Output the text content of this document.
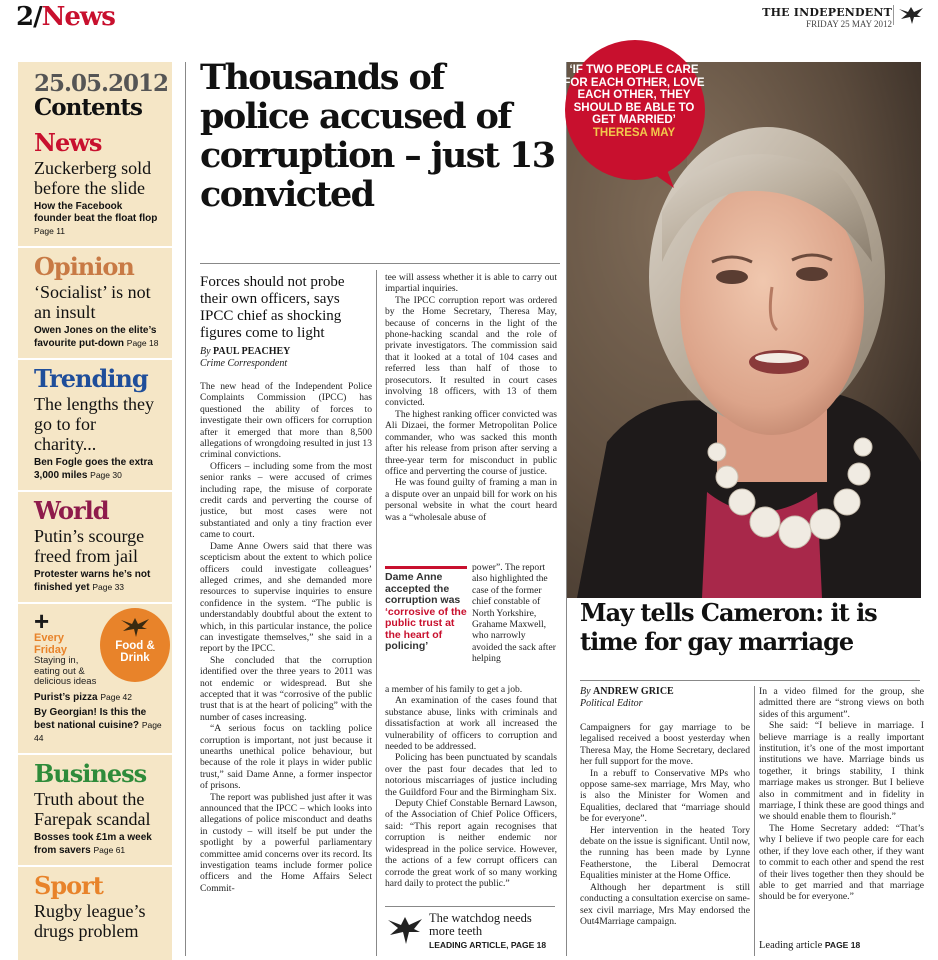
2/News	THE INDEPENDENT
FRIDAY 25 MAY 2012
25.05.2012
Contents
News
Zuckerberg sold before the slide
How the Facebook founder beat the float flop Page 11
Opinion
‘Socialist’ is not an insult
Owen Jones on the elite’s favourite put-down Page 18
Trending
The lengths they go to for charity...
Ben Fogle goes the extra 3,000 miles Page 30
World
Putin’s scourge freed from jail
Protester warns he’s not finished yet Page 33
+
Every Friday
Staying in, eating out & delicious ideas
Food & Drink
Purist’s pizza Page 42
By Georgian! Is this the best national cuisine? Page 44
Business
Truth about the Farepak scandal
Bosses took £1m a week from savers Page 61
Sport
Rugby league’s drugs problem
Thousands of police accused of corruption – just 13 convicted
Forces should not probe their own officers, says IPCC chief as shocking figures come to light
By PAUL PEACHEY
Crime Correspondent

The new head of the Independent Police Complaints Commission (IPCC) has questioned the ability of forces to investigate their own officers for corruption after it emerged that more than 8,500 allegations of wrongdoing resulted in just 13 criminal convictions.

Officers – including some from the most senior ranks – were accused of crimes including rape, the misuse of corporate credit cards and perverting the course of justice, but most cases were not substantiated and only a tiny fraction ever came to court.

Dame Anne Owers said that there was scepticism about the extent to which police officers could investigate colleagues’ alleged crimes, and she demanded more resources to supervise inquiries to ensure confidence in the system. “The public is understandably doubtful about the extent to which, in this particular instance, the police can investigate themselves,” she said in a report by the IPCC.

She concluded that the corruption identified over the three years to 2011 was not endemic or widespread. But she accepted that it was “corrosive of the public trust that is at the heart of policing” with the number of cases increasing.

“A serious focus on tackling police corruption is important, not just because it unearths unethical police behaviour, but because of the role it plays in wider public trust,” said Dame Anne, a former inspector of prisons.

The report was published just after it was announced that the IPCC – which looks into allegations of police misconduct and deaths in custody – will itself be put under the spotlight by a powerful parliamentary committee amid concerns over its record. Its investigation teams include former police officers and the Home Affairs Select Commit-

tee will assess whether it is able to carry out impartial inquiries.

The IPCC corruption report was ordered by the Home Secretary, Theresa May, because of concerns in the light of the phone-hacking scandal and the role of private investigators. The commission said that it looked at a total of 104 cases and referred less than half of those to prosecutors. It resulted in court cases involving 18 officers, with 13 of them convicted.

The highest ranking officer convicted was Ali Dizaei, the former Metropolitan Police commander, who was sacked this month after his release from prison after serving a three-year term for misconduct in public office and perverting the course of justice.

He was found guilty of framing a man in a dispute over an unpaid bill for work on his personal website in what the court heard was a “wholesale abuse of

Dame Anne accepted the corruption was ‘corrosive of the public trust at the heart of policing’

power”. The report also highlighted the case of the former chief constable of North Yorkshire, Grahame Maxwell, who narrowly avoided the sack after helping

a member of his family to get a job.

An examination of the cases found that substance abuse, links with criminals and dissatisfaction at work all increased the vulnerability of officers to corruption and needed to be addressed.

Policing has been punctuated by scandals over the past four decades that led to notorious miscarriages of justice including the Guildford Four and the Birmingham Six.

Deputy Chief Constable Bernard Lawson, of the Association of Chief Police Officers, said: “This report again recognises that corruption is neither endemic nor widespread in the police service. However, the actions of a few corrupt officers can corrode the great work of so many working hard daily to protect the public.”

The watchdog needs more teeth
LEADING ARTICLE, PAGE 18
‘IF TWO PEOPLE CARE FOR EACH OTHER, LOVE EACH OTHER, THEY SHOULD BE ABLE TO GET MARRIED’
THERESA MAY
May tells Cameron: it is time for gay marriage
By ANDREW GRICE
Political Editor

Campaigners for gay marriage to be legalised received a boost yesterday when Theresa May, the Home Secretary, declared her full support for the move.

In a rebuff to Conservative MPs who oppose same-sex marriage, Mrs May, who is also the Minister for Women and Equalities, declared that “marriage should be for everyone”.

Her intervention in the heated Tory debate on the issue is significant. Until now, the running has been made by Lynne Featherstone, the Liberal Democrat Equalities minister at the Home Office.

Although her department is still conducting a consultation exercise on same-sex civil marriage, Mrs May endorsed the Out4Marriage campaign.

In a video filmed for the group, she admitted there are “strong views on both sides of this argument”.

She said: “I believe in marriage. I believe marriage is a really important institution, it’s one of the most important institutions we have. Marriage binds us together, it brings stability, I think marriage makes us stronger. But I believe also in commitment and in fidelity in marriage, I think these are good things and we should enable them to flourish.”

The Home Secretary added: “That’s why I believe if two people care for each other, if they love each other, if they want to commit to each other and spend the rest of their lives together then they should be able to get married and that marriage should be for everyone.”

Leading article PAGE 18
